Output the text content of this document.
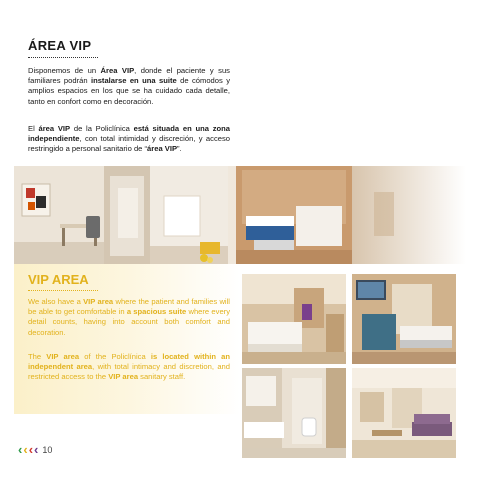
ÁREA VIP

Disponemos de un Área VIP, donde el paciente y sus familiares podrán instalarse en una suite de cómodos y amplios espacios en los que se ha cuidado cada detalle, tanto en confort como en decoración.

El área VIP de la Policlínica está situada en una zona independiente, con total intimidad y discreción, y acceso restringido a personal sanitario de “área VIP”.

VIP AREA

We also have a VIP area where the patient and families will be able to get comfortable in a spacious suite where every detail counts, having into account both comfort and decoration.

The VIP area of the Policlínica is located within an independent area, with total intimacy and discretion, and restricted access to the VIP area sanitary staff.

‹ ‹ ‹ ‹ 10
